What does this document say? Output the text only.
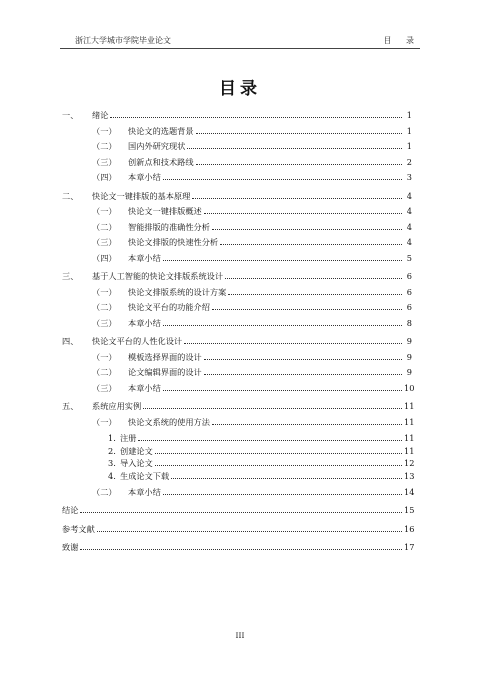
浙江大学城市学院毕业论文	目 录
目录
一、	绪论	1
（一）	快论文的选题背景	1
（二）	国内外研究现状	1
（三）	创新点和技术路线	2
（四）	本章小结	3
二、	快论文一键排版的基本原理	4
（一）	快论文一键排版概述	4
（二）	智能排版的准确性分析	4
（三）	快论文排版的快速性分析	4
（四）	本章小结	5
三、	基于人工智能的快论文排版系统设计	6
（一）	快论文排版系统的设计方案	6
（二）	快论文平台的功能介绍	6
（三）	本章小结	8
四、	快论文平台的人性化设计	9
（一）	模板选择界面的设计	9
（二）	论文编辑界面的设计	9
（三）	本章小结	10
五、	系统应用实例	11
（一）	快论文系统的使用方法	11
1. 注册	11
2. 创建论文	11
3. 导入论文	12
4. 生成论文下载	13
（二）	本章小结	14
结论	15
参考文献	16
致谢	17
III
